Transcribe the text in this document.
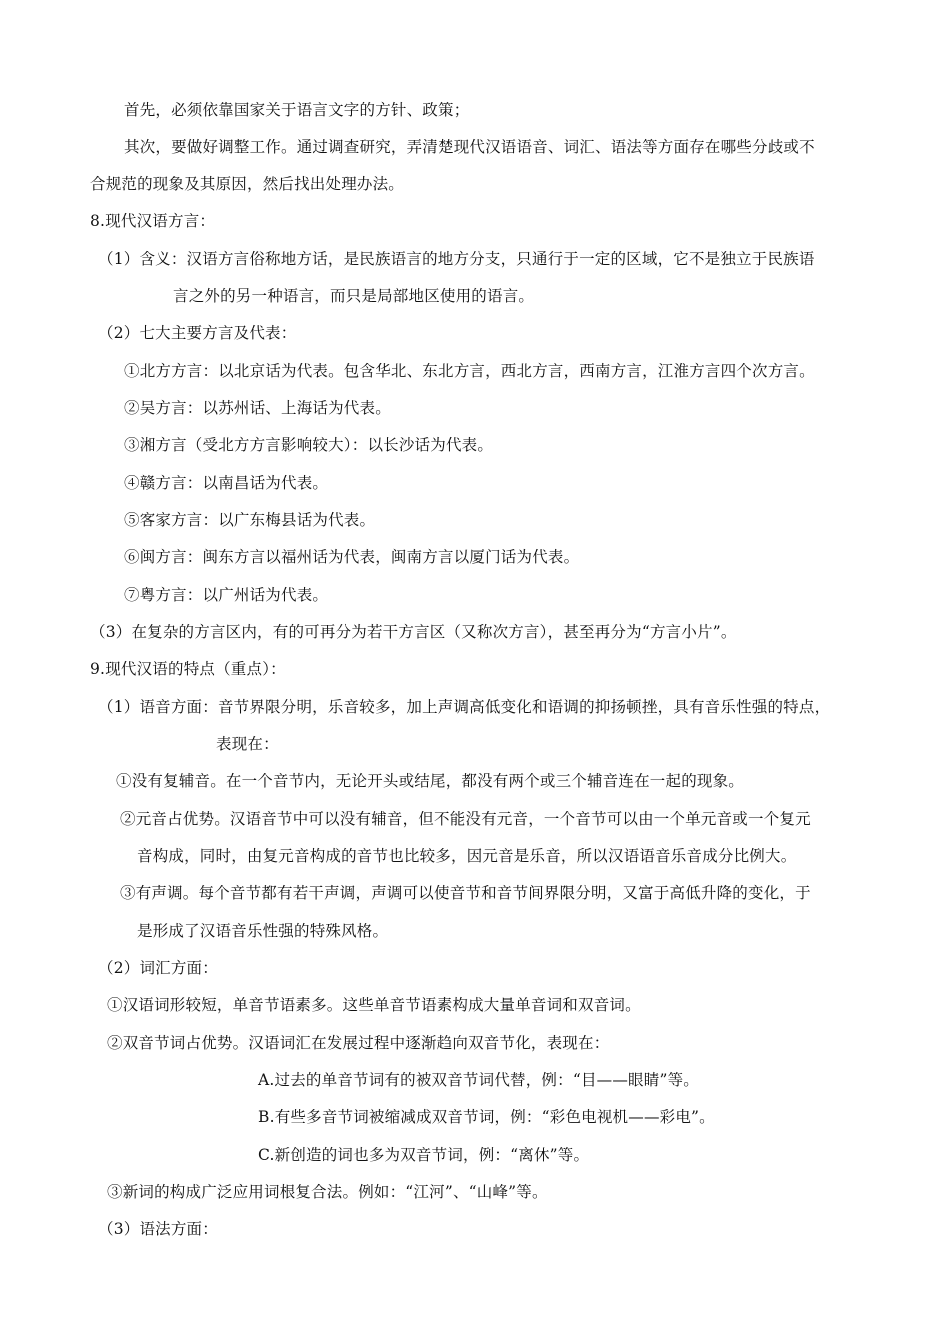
首先，必须依靠国家关于语言文字的方针、政策；
其次，要做好调整工作。通过调查研究，弄清楚现代汉语语音、词汇、语法等方面存在哪些分歧或不
合规范的现象及其原因，然后找出处理办法。
8.现代汉语方言：
（1）含义：汉语方言俗称地方话，是民族语言的地方分支，只通行于一定的区域，它不是独立于民族语
言之外的另一种语言，而只是局部地区使用的语言。
（2）七大主要方言及代表：
①北方方言：以北京话为代表。包含华北、东北方言，西北方言，西南方言，江淮方言四个次方言。
②吴方言：以苏州话、上海话为代表。
③湘方言（受北方方言影响较大）：以长沙话为代表。
④赣方言：以南昌话为代表。
⑤客家方言：以广东梅县话为代表。
⑥闽方言：闽东方言以福州话为代表，闽南方言以厦门话为代表。
⑦粤方言：以广州话为代表。
（3）在复杂的方言区内，有的可再分为若干方言区（又称次方言），甚至再分为“方言小片”。
9.现代汉语的特点（重点）：
（1）语音方面：音节界限分明，乐音较多，加上声调高低变化和语调的抑扬顿挫，具有音乐性强的特点，
表现在：
①没有复辅音。在一个音节内，无论开头或结尾，都没有两个或三个辅音连在一起的现象。
②元音占优势。汉语音节中可以没有辅音，但不能没有元音，一个音节可以由一个单元音或一个复元
音构成，同时，由复元音构成的音节也比较多，因元音是乐音，所以汉语语音乐音成分比例大。
③有声调。每个音节都有若干声调，声调可以使音节和音节间界限分明，又富于高低升降的变化，于
是形成了汉语音乐性强的特殊风格。
（2）词汇方面：
①汉语词形较短，单音节语素多。这些单音节语素构成大量单音词和双音词。
②双音节词占优势。汉语词汇在发展过程中逐渐趋向双音节化，表现在：
A.过去的单音节词有的被双音节词代替，例：“目——眼睛”等。
B.有些多音节词被缩减成双音节词，例：“彩色电视机——彩电”。
C.新创造的词也多为双音节词，例：“离休”等。
③新词的构成广泛应用词根复合法。例如：“江河”、“山峰”等。
（3）语法方面：
